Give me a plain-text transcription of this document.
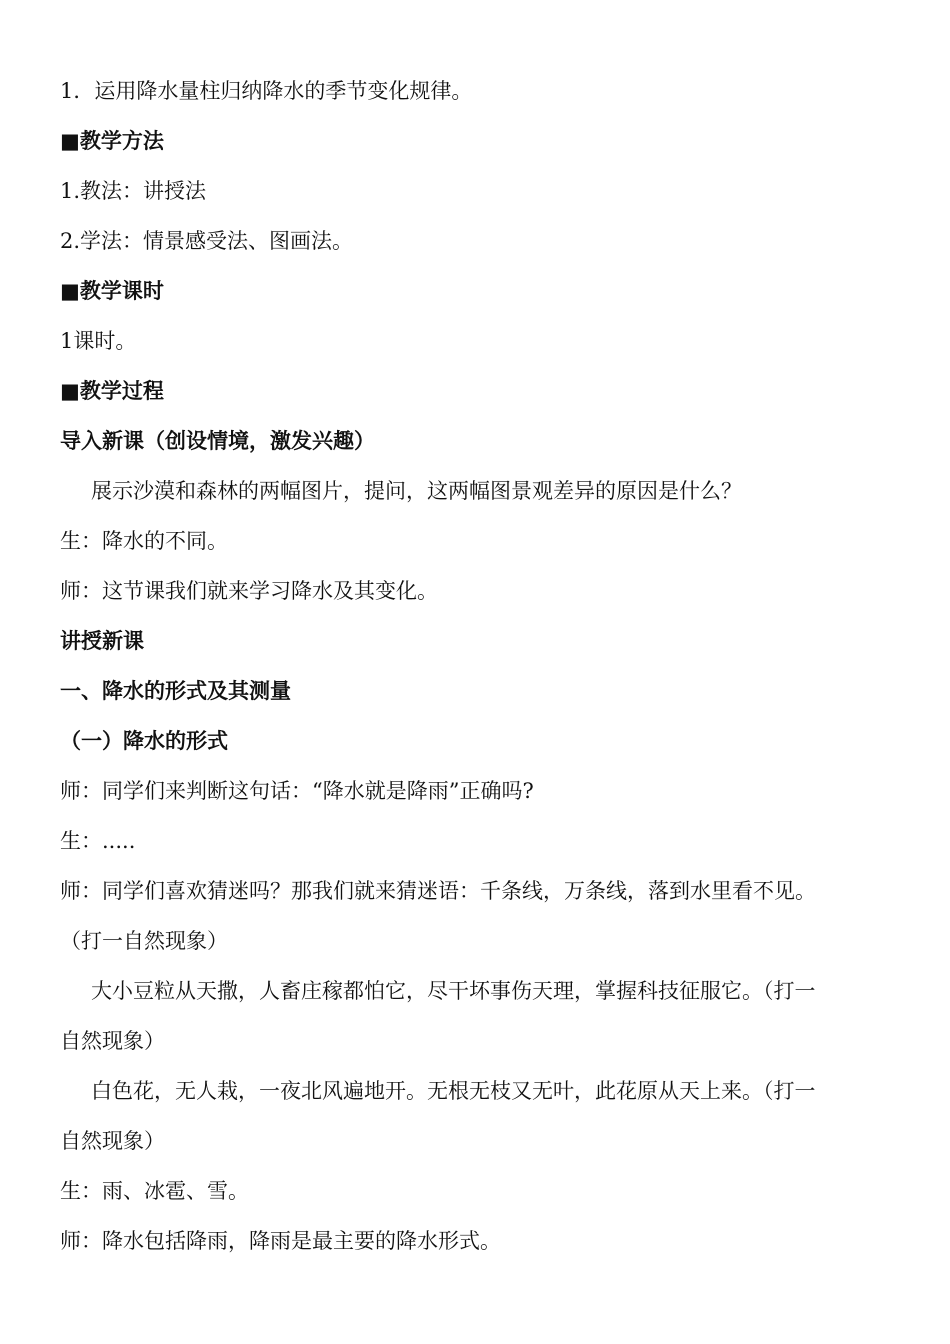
1．运用降水量柱归纳降水的季节变化规律。
■教学方法
1.教法：讲授法
2.学法：情景感受法、图画法。
■教学课时
1课时。
■教学过程
导入新课（创设情境，激发兴趣）
展示沙漠和森林的两幅图片，提问，这两幅图景观差异的原因是什么？
生：降水的不同。
师：这节课我们就来学习降水及其变化。
讲授新课
一、降水的形式及其测量
（一）降水的形式
师：同学们来判断这句话：“降水就是降雨”正确吗?
生：.....
师：同学们喜欢猜迷吗？那我们就来猜迷语：千条线，万条线，落到水里看不见。
（打一自然现象）
大小豆粒从天撒，人畜庄稼都怕它，尽干坏事伤天理，掌握科技征服它。（打一
自然现象）
白色花，无人栽，一夜北风遍地开。无根无枝又无叶，此花原从天上来。（打一
自然现象）
生：雨、冰雹、雪。
师：降水包括降雨，降雨是最主要的降水形式。
